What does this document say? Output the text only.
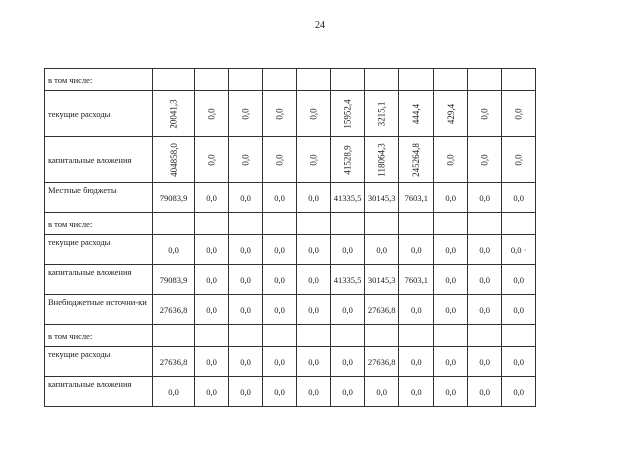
24
в том числе:											
текущие расходы	20041,3	0,0	0,0	0,0	0,0	15952,4	3215,1	444,4	429,4	0,0	0,0
капитальные вложения	404858,0	0,0	0,0	0,0	0,0	41528,9	118064,3	245264,8	0,0	0,0	0,0
Местные бюджеты	79083,9	0,0	0,0	0,0	0,0	41335,5	30145,3	7603,1	0,0	0,0	0,0
в том числе:											
текущие расходы	0,0	0,0	0,0	0,0	0,0	0,0	0,0	0,0	0,0	0,0	0,0 ·
капитальные вложения	79083,9	0,0	0,0	0,0	0,0	41335,5	30145,3	7603,1	0,0	0,0	0,0
Внебюджетные источни-ки	27636,8	0,0	0,0	0,0	0,0	0,0	27636,8	0,0	0,0	0,0	0,0
в том числе:											
текущие расходы	27636,8	0,0	0,0	0,0	0,0	0,0	27636,8	0,0	0,0	0,0	0,0
капитальные вложения	0,0	0,0	0,0	0,0	0,0	0,0	0,0	0,0	0,0	0,0	0,0
